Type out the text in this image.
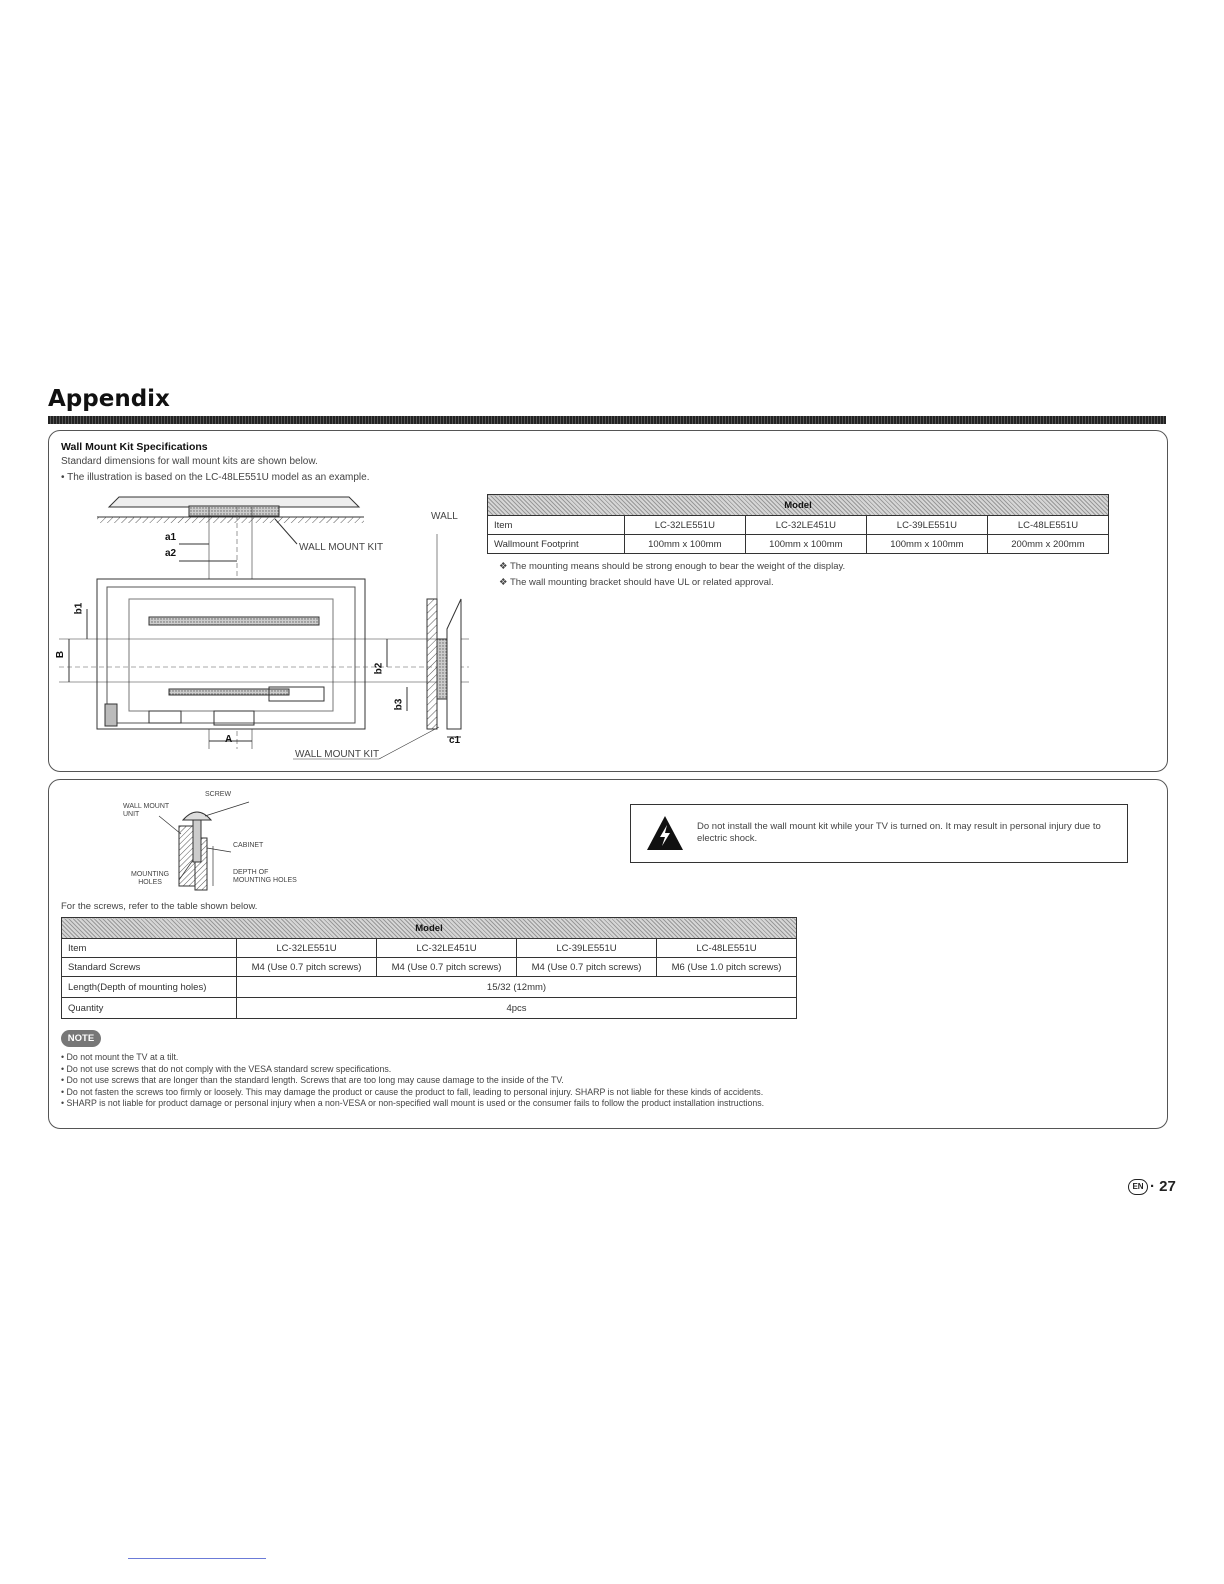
Appendix
Wall Mount Kit Specifications
Standard dimensions for wall mount kits are shown below.
• The illustration is based on the LC-48LE551U model as an example.
WALL
WALL MOUNT KIT
WALL MOUNT KIT
a1
a2
b1
B
b2
b3
A	c1
Model				
Item	LC-32LE551U	LC-32LE451U	LC-39LE551U	LC-48LE551U
Wallmount Footprint	100mm x 100mm	100mm x 100mm	100mm x 100mm	200mm x 200mm
❖ The mounting means should be strong enough to bear the weight of the display.
❖ The wall mounting bracket should have UL or related approval.
SCREW
WALL MOUNT
UNIT
CABINET
MOUNTING
HOLES
DEPTH OF
MOUNTING HOLES
Do not install the wall mount kit while your TV is turned on. It may result in personal injury due to electric shock.
For the screws, refer to the table shown below.
Model				
Item	LC-32LE551U	LC-32LE451U	LC-39LE551U	LC-48LE551U
Standard Screws	M4 (Use 0.7 pitch screws)	M4 (Use 0.7 pitch screws)	M4 (Use 0.7 pitch screws)	M6 (Use 1.0 pitch screws)
Length(Depth of mounting holes)	15/32 (12mm)			
Quantity	4pcs			
NOTE
• Do not mount the TV at a tilt.
• Do not use screws that do not comply with the VESA standard screw specifications.
• Do not use screws that are longer than the standard length. Screws that are too long may cause damage to the inside of the TV.
• Do not fasten the screws too firmly or loosely. This may damage the product or cause the product to fall, leading to personal injury. SHARP is not liable for these kinds of accidents.
• SHARP is not liable for product damage or personal injury when a non-VESA or non-specified wall mount is used or the consumer fails to follow the product installation instructions.
EN · 27
